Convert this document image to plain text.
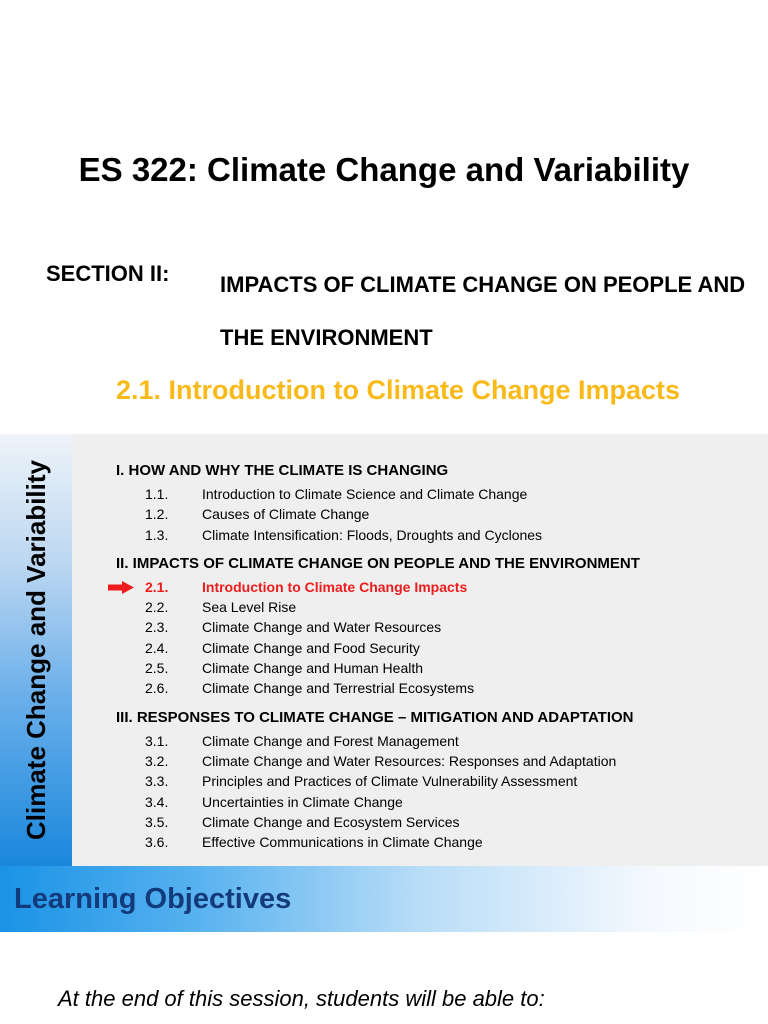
ES 322: Climate Change and Variability
SECTION II: IMPACTS OF CLIMATE CHANGE ON PEOPLE AND THE ENVIRONMENT
2.1. Introduction to Climate Change Impacts
Climate Change and Variability	I. HOW AND WHY THE CLIMATE IS CHANGING
1.1. Introduction to Climate Science and Climate Change
1.2. Causes of Climate Change
1.3. Climate Intensification: Floods, Droughts and Cyclones
II. IMPACTS OF CLIMATE CHANGE ON PEOPLE AND THE ENVIRONMENT
2.1. Introduction to Climate Change Impacts
2.2. Sea Level Rise
2.3. Climate Change and Water Resources
2.4. Climate Change and Food Security
2.5. Climate Change and Human Health
2.6. Climate Change and Terrestrial Ecosystems
III. RESPONSES TO CLIMATE CHANGE – MITIGATION AND ADAPTATION
3.1. Climate Change and Forest Management
3.2. Climate Change and Water Resources: Responses and Adaptation
3.3. Principles and Practices of Climate Vulnerability Assessment
3.4. Uncertainties in Climate Change
3.5. Climate Change and Ecosystem Services
3.6. Effective Communications in Climate Change
Learning Objectives
At the end of this session, students will be able to:
